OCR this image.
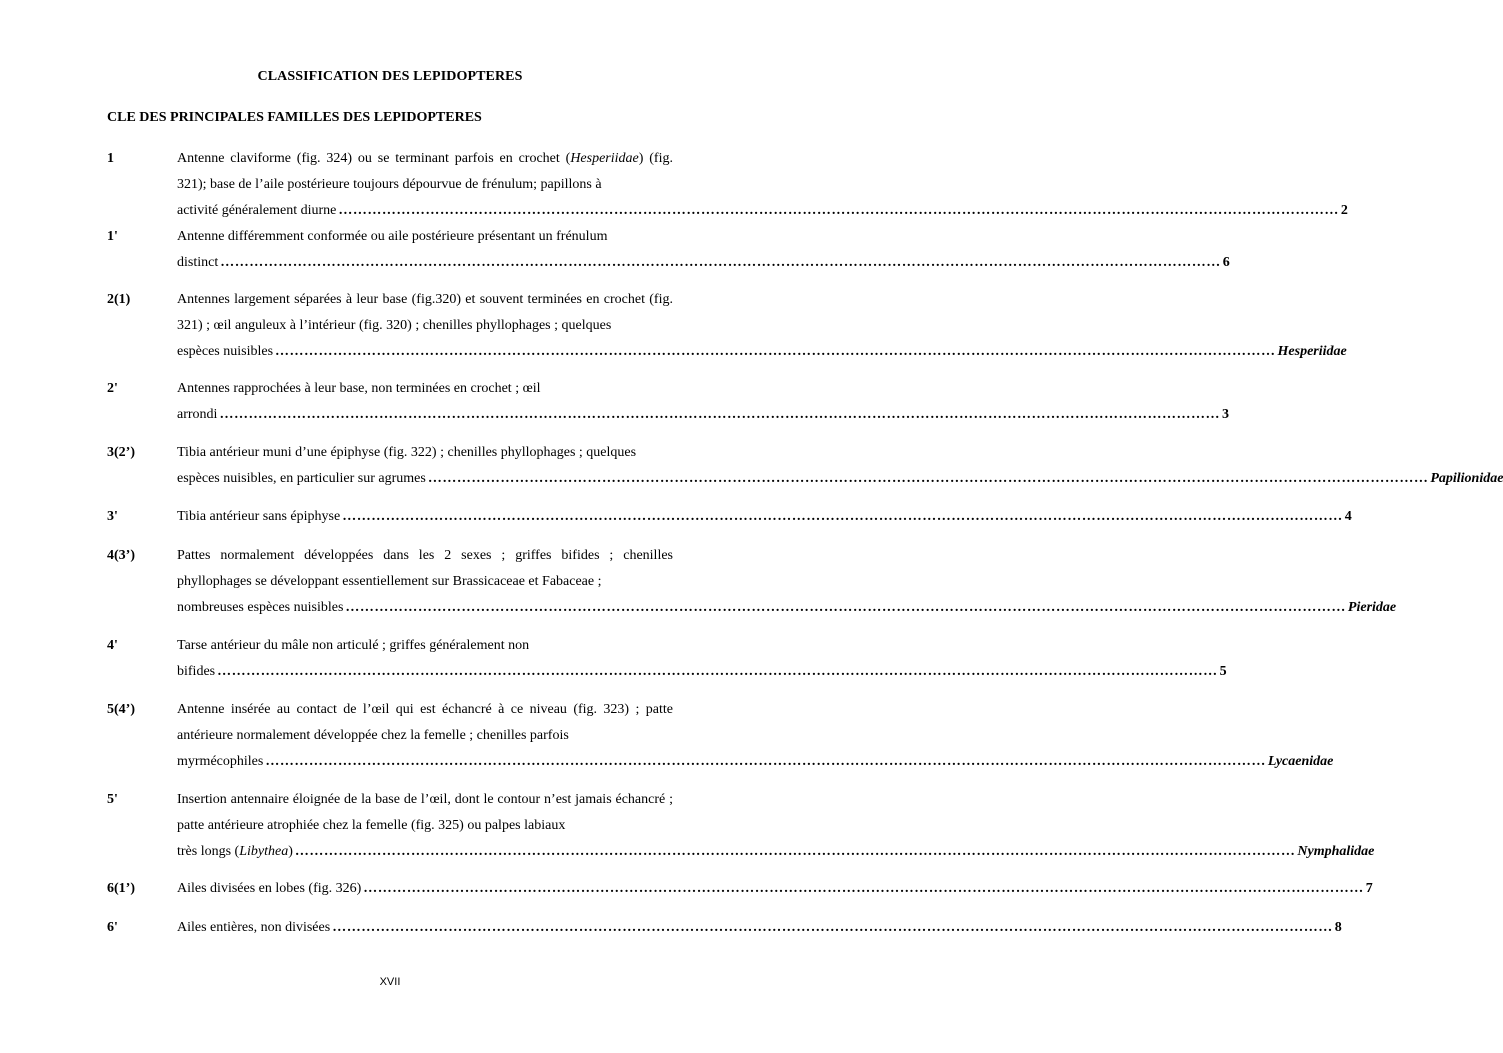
CLASSIFICATION DES LEPIDOPTERES
CLE DES PRINCIPALES FAMILLES DES LEPIDOPTERES
1	Antenne claviforme (fig. 324) ou se terminant parfois en crochet (Hesperiidae) (fig. 321); base de l’aile postérieure toujours dépourvue de frénulum; papillons à
activité généralement diurne ……………………………………………………………………………………………………………………………………………………………………………………… 2
1'	Antenne différemment conformée ou aile postérieure présentant un frénulum
distinct ……………………………………………………………………………………………………………………………………………………………………………………… 6
2(1)	Antennes largement séparées à leur base (fig.320) et souvent terminées en crochet (fig. 321) ; œil anguleux à l’intérieur (fig. 320) ; chenilles phyllophages ; quelques
espèces nuisibles ……………………………………………………………………………………………………………………………………………………………………………………… Hesperiidae
2'	Antennes rapprochées à leur base, non terminées en crochet ; œil
arrondi ……………………………………………………………………………………………………………………………………………………………………………………… 3
3(2’)	Tibia antérieur muni d’une épiphyse (fig. 322) ; chenilles phyllophages ; quelques
espèces nuisibles, en particulier sur agrumes ……………………………………………………………………………………………………………………………………………………………………………………… Papilionidae
3'	Tibia antérieur sans épiphyse ……………………………………………………………………………………………………………………………………………………………………………………… 4
4(3’)	Pattes normalement développées dans les 2 sexes ; griffes bifides ; chenilles phyllophages se développant essentiellement sur Brassicaceae et Fabaceae ;
nombreuses espèces nuisibles ……………………………………………………………………………………………………………………………………………………………………………………… Pieridae
4'	Tarse antérieur du mâle non articulé ; griffes généralement non
bifides ……………………………………………………………………………………………………………………………………………………………………………………… 5
5(4’)	Antenne insérée au contact de l’œil qui est échancré à ce niveau (fig. 323) ; patte antérieure normalement développée chez la femelle ; chenilles parfois
myrmécophiles ……………………………………………………………………………………………………………………………………………………………………………………… Lycaenidae
5'	Insertion antennaire éloignée de la base de l’œil, dont le contour n’est jamais échancré ; patte antérieure atrophiée chez la femelle (fig. 325) ou palpes labiaux
très longs (Libythea) ……………………………………………………………………………………………………………………………………………………………………………………… Nymphalidae
6(1’)	Ailes divisées en lobes (fig. 326) ……………………………………………………………………………………………………………………………………………………………………………………… 7
6'	Ailes entières, non divisées ……………………………………………………………………………………………………………………………………………………………………………………… 8
XVII
